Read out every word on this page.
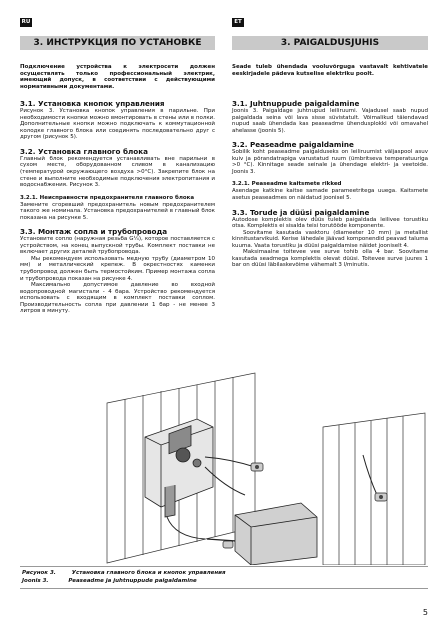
RU	ET
3. ИНСТРУКЦИЯ ПО УСТАНОВКЕ

Подключение устройства к электросети должен осуществлять только профессиональный электрик, имеющий допуск, в соответствии с действующими нормативными документами.

3.1. Установка кнопок управления

Рисунок 3. Установка кнопок управления в парильне. При необходимости кнопки можно вмонтировать в стены или в полки. Дополнительные кнопки можно подключать к коммутационной колодке главного блока или соединять последовательно друг с другом (рисунок 5).

3.2. Установка главного блока

Главный блок рекомендуется устанавливать вне парильни в сухом месте, оборудованном сливом в канализацию (температурой окружающего воздуха >0°C). Закрепите блок на стене и выполните необходимые подключения электропитания и водоснабжения. Рисунок 3.

3.2.1. Неисправности предохранителя главного блока

Замените сгоревший предохранитель новым предохранителем такого же номинала. Установка предохранителей в главный блок показана на рисунке 5.

3.3. Монтаж сопла и трубопровода

Установите сопло (наружная резьба G¼), которое поставляется с устройством, на конец выпускной трубы. Комплект поставки не включает других деталей трубопровода.

Мы рекомендуем использовать медную трубу (диаметром 10 мм) и металлический крепеж. В окрестностях каменки трубопровод должен быть термостойким. Пример монтажа сопла и трубопровода показан на рисунке 4.

Максимально допустимое давление во входной водопроводной магистали - 4 бара. Устройство рекомендуется использовать с входящим в комплект поставки соплом. Производительность сопла при давлении 1 бар - не менее 3 литров в минуту.

3. PAIGALDUSJUHIS

Seade tuleb ühendada vooluvõrguga vastavalt kehtivatele eeskirjadele pädeva kutselise elektriku poolt.

3.1. Juhtnuppude paigaldamine

Joonis 3. Paigaldage juhtnupud leiliruumi. Vajadusel saab nupud paigaldada seina või lava sisse süvistatult. Võimalikud täiendavad nupud saab ühendada kas peaseadme ühendusplokki või omavahel ahelasse (joonis 5).

3.2. Peaseadme paigaldamine

Sobilik koht peaseadme paigalduseks on leiliruumist väljaspool asuv kuiv ja põrandatrapiga varustatud ruum (ümbritseva temperatuuriga >0 °C). Kinnitage seade seinale ja ühendage elektri- ja veetoide. Joonis 3.

3.2.1. Peaseadme kaitsmete rikked

Asendage katkine kaitse samade parameetritega uuega. Kaitsmete asetus peaseadmes on näidatud joonisel 5.

3.3. Torude ja düüsi paigaldamine

Autodose komplektis olev düüs tuleb paigaldada leilivee torustiku otsa. Komplektis ei sisalda teisi torutööde komponente.

Soovitame kasutada vasktoru (diameeter 10 mm) ja metallist kinnitustarvikuid. Kerise lähedale jäävad komponendid peavad taluma kuuma. Vaata torustiku ja düüsi paigaldamise näidet jooniselt 4.

Maksimaalne toitevee vee surve tohib olla 4 bar. Soovitame kasutada seadmega komplektis olevat düüsi. Toitevee surve juures 1 bar on düüsi läbilaskevõime vähemalt 3 l/minutis.

Рисунок 3.	Установка главного блока и кнопок управления
Joonis 3.	Peaseadme ja juhtnuppude paigaldamine
5
